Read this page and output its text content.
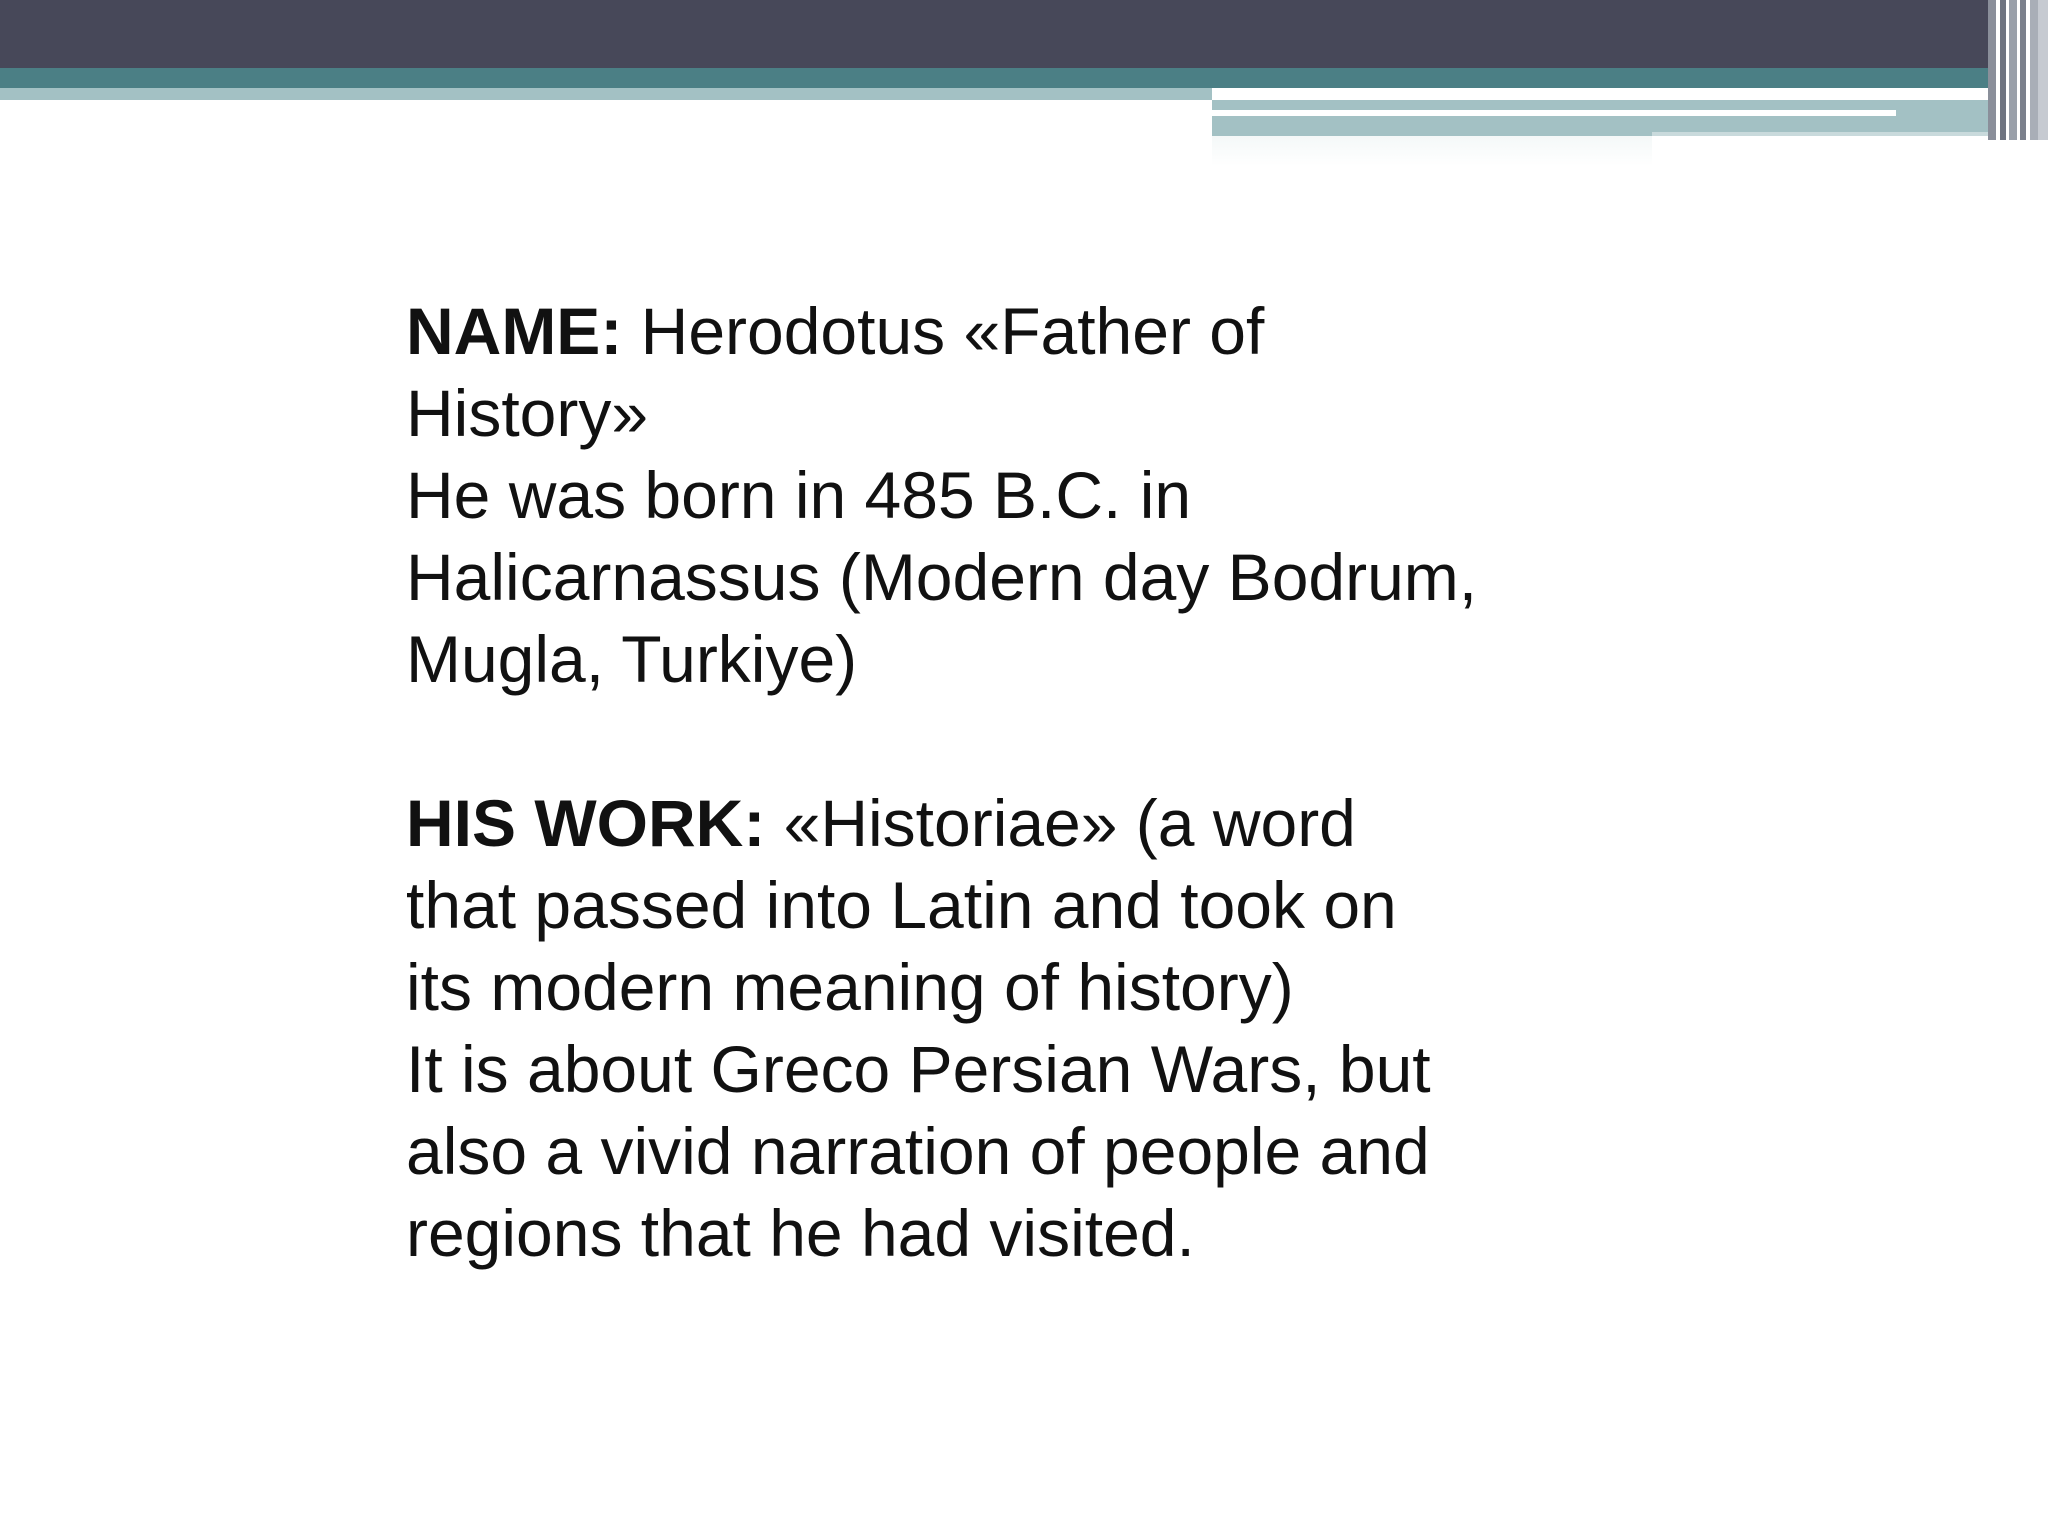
NAME: Herodotus «Father of

History»

He was born in 485 B.C. in

Halicarnassus (Modern day Bodrum,

Mugla, Turkiye)

HIS WORK: «Historiae» (a word

that passed into Latin and took on

its modern meaning of history)

It is about Greco Persian Wars, but

also a vivid narration of people and

regions that he had visited.
